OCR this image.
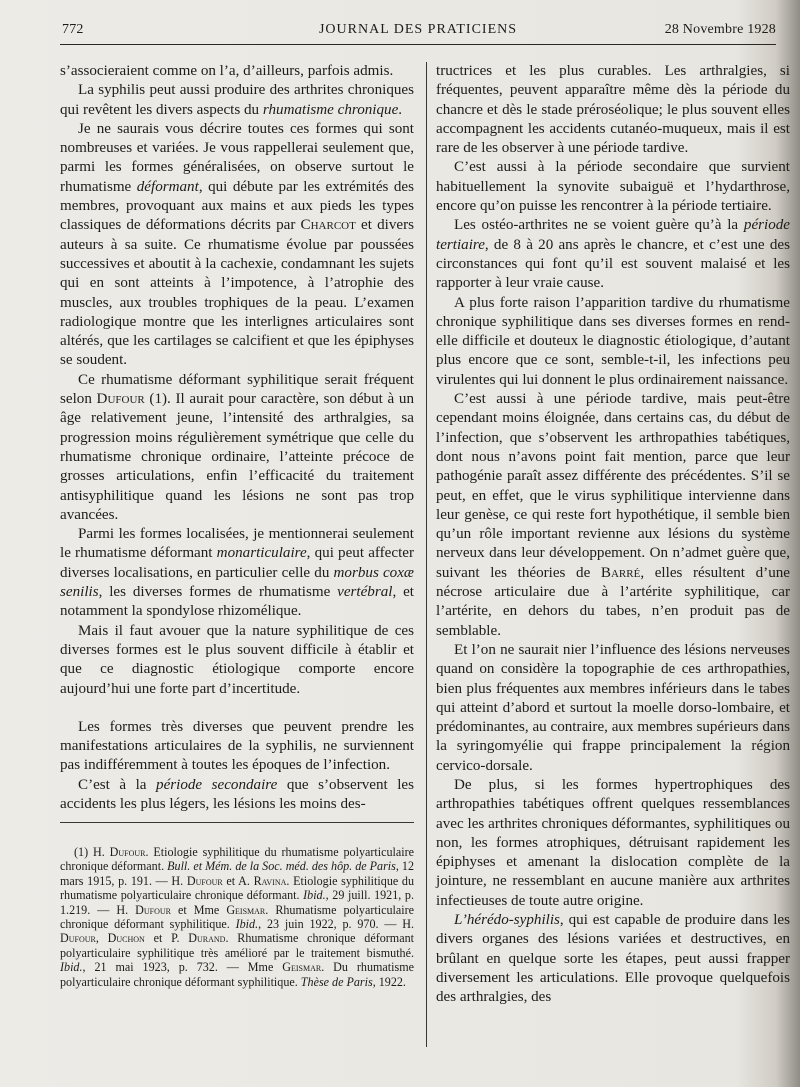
772	JOURNAL DES PRATICIENS	28 Novembre 1928

s’associeraient comme on l’a, d’ailleurs, parfois admis.

La syphilis peut aussi produire des arthrites chroniques qui revêtent les divers aspects du rhumatisme chronique.

Je ne saurais vous décrire toutes ces formes qui sont nombreuses et variées. Je vous rappellerai seulement que, parmi les formes généralisées, on observe surtout le rhumatisme déformant, qui débute par les extrémités des membres, provoquant aux mains et aux pieds les types classiques de déformations décrits par Charcot et divers auteurs à sa suite. Ce rhumatisme évolue par poussées successives et aboutit à la cachexie, condamnant les sujets qui en sont atteints à l’impotence, à l’atrophie des muscles, aux troubles trophiques de la peau. L’examen radiologique montre que les interlignes articulaires sont altérés, que les cartilages se calcifient et que les épiphyses se soudent.

Ce rhumatisme déformant syphilitique serait fréquent selon Dufour (1). Il aurait pour caractère, son début à un âge relativement jeune, l’intensité des arthralgies, sa progression moins régulièrement symétrique que celle du rhumatisme chronique ordinaire, l’atteinte précoce de grosses articulations, enfin l’efficacité du traitement antisyphilitique quand les lésions ne sont pas trop avancées.

Parmi les formes localisées, je mentionnerai seulement le rhumatisme déformant monarticulaire, qui peut affecter diverses localisations, en particulier celle du morbus coxæ senilis, les diverses formes de rhumatisme vertébral, et notamment la spondylose rhizomélique.

Mais il faut avouer que la nature syphilitique de ces diverses formes est le plus souvent difficile à établir et que ce diagnostic étiologique comporte encore aujourd’hui une forte part d’incertitude.

Les formes très diverses que peuvent prendre les manifestations articulaires de la syphilis, ne surviennent pas indifféremment à toutes les époques de l’infection.

C’est à la période secondaire que s’observent les accidents les plus légers, les lésions les moins des-

(1) H. Dufour. Etiologie syphilitique du rhumatisme polyarticulaire chronique déformant. Bull. et Mém. de la Soc. méd. des hôp. de Paris, 12 mars 1915, p. 191. — H. Dufour et A. Ravina. Etiologie syphilitique du rhumatisme polyarticulaire chronique déformant. Ibid., 29 juill. 1921, p. 1.219. — H. Dufour et Mme Geismar. Rhumatisme polyarticulaire chronique déformant syphilitique. Ibid., 23 juin 1922, p. 970. — H. Dufour, Duchon et P. Durand. Rhumatisme chronique déformant polyarticulaire syphilitique très amélioré par le traitement bismuthé. Ibid., 21 mai 1923, p. 732. — Mme Geismar. Du rhumatisme polyarticulaire chronique déformant syphilitique. Thèse de Paris, 1922.

tructrices et les plus curables. Les arthralgies, si fréquentes, peuvent apparaître même dès la période du chancre et dès le stade préroséolique; le plus souvent elles accompagnent les accidents cutanéo-muqueux, mais il est rare de les observer à une période tardive.

C’est aussi à la période secondaire que survient habituellement la synovite subaiguë et l’hydarthrose, encore qu’on puisse les rencontrer à la période tertiaire.

Les ostéo-arthrites ne se voient guère qu’à la période tertiaire, de 8 à 20 ans après le chancre, et c’est une des circonstances qui font qu’il est souvent malaisé et les rapporter à leur vraie cause.

A plus forte raison l’apparition tardive du rhumatisme chronique syphilitique dans ses diverses formes en rend-elle difficile et douteux le diagnostic étiologique, d’autant plus encore que ce sont, semble-t-il, les infections peu virulentes qui lui donnent le plus ordinairement naissance.

C’est aussi à une période tardive, mais peut-être cependant moins éloignée, dans certains cas, du début de l’infection, que s’observent les arthropathies tabétiques, dont nous n’avons point fait mention, parce que leur pathogénie paraît assez différente des précédentes. S’il se peut, en effet, que le virus syphilitique intervienne dans leur genèse, ce qui reste fort hypothétique, il semble bien qu’un rôle important revienne aux lésions du système nerveux dans leur développement. On n’admet guère que, suivant les théories de Barré, elles résultent d’une nécrose articulaire due à l’artérite syphilitique, car l’artérite, en dehors du tabes, n’en produit pas de semblable.

Et l’on ne saurait nier l’influence des lésions nerveuses quand on considère la topographie de ces arthropathies, bien plus fréquentes aux membres inférieurs dans le tabes qui atteint d’abord et surtout la moelle dorso-lombaire, et prédominantes, au contraire, aux membres supérieurs dans la syringomyélie qui frappe principalement la région cervico-dorsale.

De plus, si les formes hypertrophiques des arthropathies tabétiques offrent quelques ressemblances avec les arthrites chroniques déformantes, syphilitiques ou non, les formes atrophiques, détruisant rapidement les épiphyses et amenant la dislocation complète de la jointure, ne ressemblant en aucune manière aux arthrites infectieuses de toute autre origine.

L’hérédo-syphilis, qui est capable de produire dans les divers organes des lésions variées et destructives, en brûlant en quelque sorte les étapes, peut aussi frapper diversement les articulations. Elle provoque quelquefois des arthralgies, des
